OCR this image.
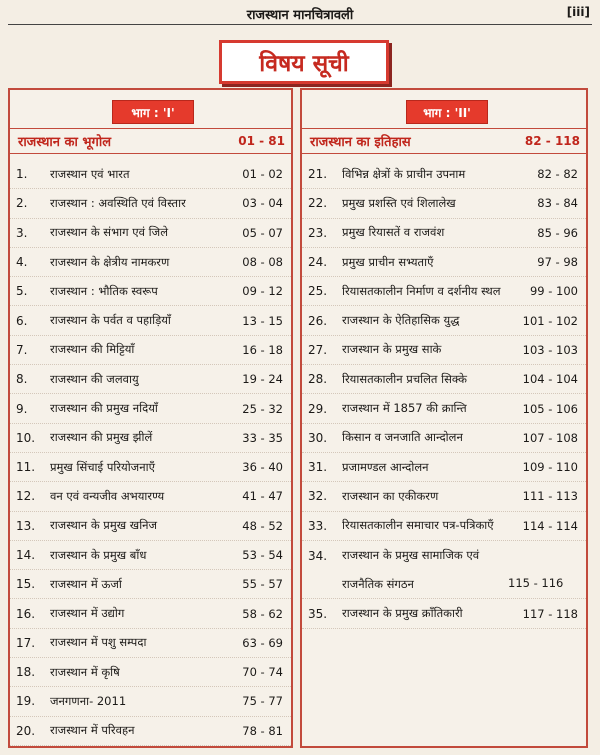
राजस्थान मानचित्रावली	[iii]
विषय सूची
भाग : 'I'
राजस्थान का भूगोल	01 - 81
1.	राजस्थान एवं भारत	01 - 02
2.	राजस्थान : अवस्थिति एवं विस्तार	03 - 04
3.	राजस्थान के संभाग एवं जिले	05 - 07
4.	राजस्थान के क्षेत्रीय नामकरण	08 - 08
5.	राजस्थान : भौतिक स्वरूप	09 - 12
6.	राजस्थान के पर्वत व पहाड़ियाँ	13 - 15
7.	राजस्थान की मिट्टियाँ	16 - 18
8.	राजस्थान की जलवायु	19 - 24
9.	राजस्थान की प्रमुख नदियाँ	25 - 32
10.	राजस्थान की प्रमुख झीलें	33 - 35
11.	प्रमुख सिंचाई परियोजनाएँ	36 - 40
12.	वन एवं वन्यजीव अभयारण्य	41 - 47
13.	राजस्थान के प्रमुख खनिज	48 - 52
14.	राजस्थान के प्रमुख बाँध	53 - 54
15.	राजस्थान में ऊर्जा	55 - 57
16.	राजस्थान में उद्योग	58 - 62
17.	राजस्थान में पशु सम्पदा	63 - 69
18.	राजस्थान में कृषि	70 - 74
19.	जनगणना- 2011	75 - 77
20.	राजस्थान में परिवहन	78 - 81
भाग : 'II'
राजस्थान का इतिहास	82 - 118
21.	विभिन्न क्षेत्रों के प्राचीन उपनाम	82 - 82
22.	प्रमुख प्रशस्ति एवं शिलालेख	83 - 84
23.	प्रमुख रियासतें व राजवंश	85 - 96
24.	प्रमुख प्राचीन सभ्यताएँ	97 - 98
25.	रियासतकालीन निर्माण व दर्शनीय स्थल	99 - 100
26.	राजस्थान के ऐतिहासिक युद्ध	101 - 102
27.	राजस्थान के प्रमुख साके	103 - 103
28.	रियासतकालीन प्रचलित सिक्के	104 - 104
29.	राजस्थान में 1857 की क्रान्ति	105 - 106
30.	किसान व जनजाति आन्दोलन	107 - 108
31.	प्रजामण्डल आन्दोलन	109 - 110
32.	राजस्थान का एकीकरण	111 - 113
33.	रियासतकालीन समाचार पत्र-पत्रिकाएँ	114 - 114
34.	राजस्थान के प्रमुख सामाजिक एवं
राजनैतिक संगठन	115 - 116
35.	राजस्थान के प्रमुख क्राँतिकारी	117 - 118
